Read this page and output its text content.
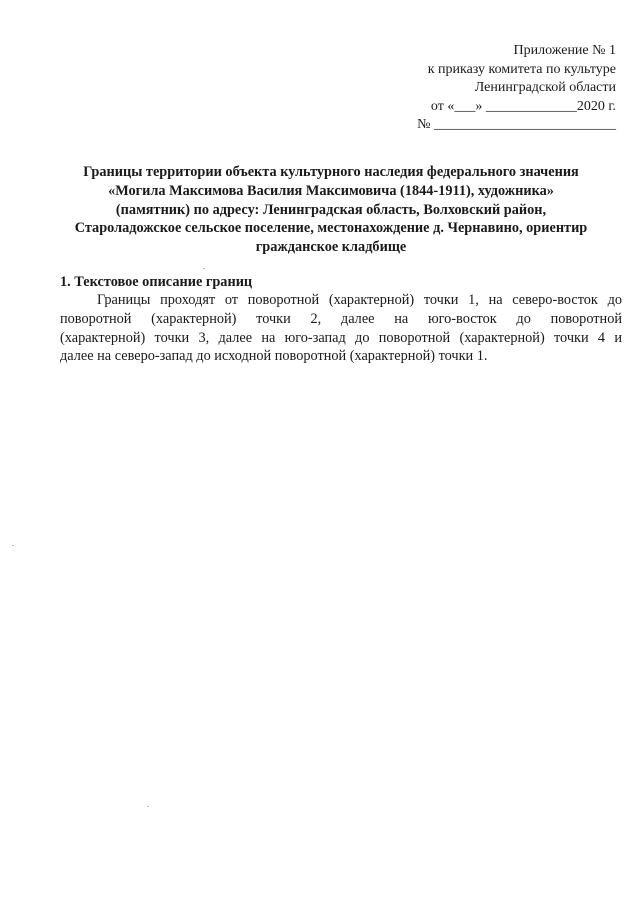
Приложение № 1
к приказу комитета по культуре
Ленинградской области
от «___» _____________2020 г.
№ __________________________
Границы территории объекта культурного наследия федерального значения
«Могила Максимова Василия Максимовича (1844-1911), художника»
(памятник) по адресу: Ленинградская область, Волховский район,
Староладожское сельское поселение, местонахождение д. Чернавино, ориентир
гражданское кладбище
1. Текстовое описание границ
Границы проходят от поворотной (характерной) точки 1, на северо-восток до
поворотной (характерной) точки 2, далее на юго-восток до поворотной
(характерной) точки 3, далее на юго-запад до поворотной (характерной) точки 4 и
далее на северо-запад до исходной поворотной (характерной) точки 1.
